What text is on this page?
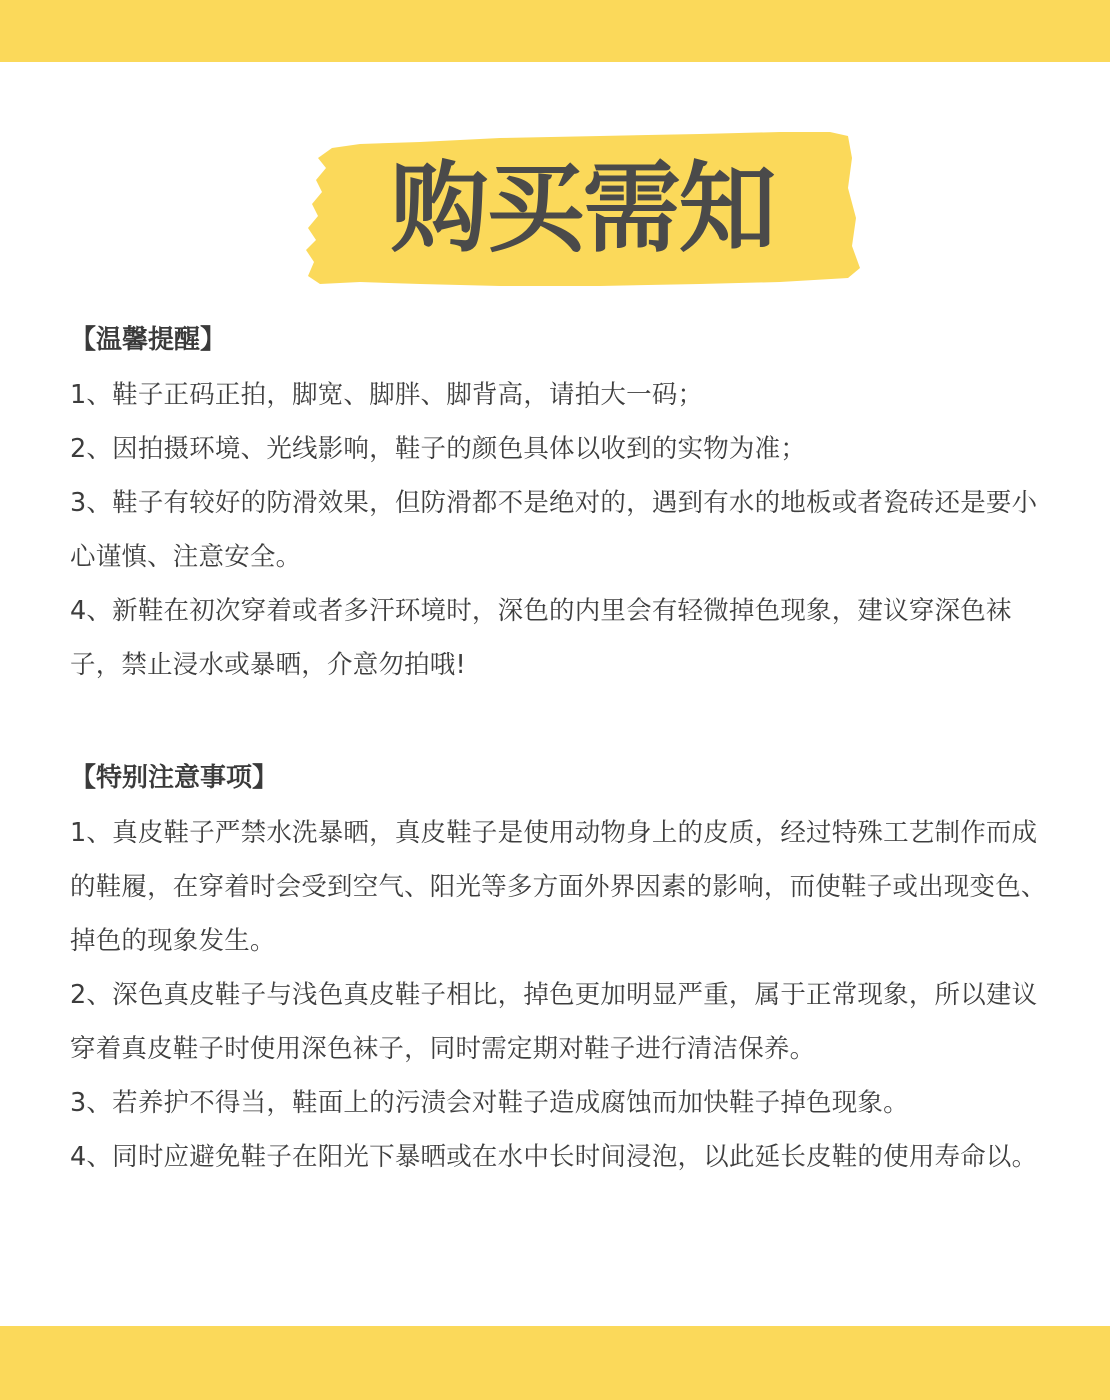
购买需知

【温馨提醒】

1、鞋子正码正拍，脚宽、脚胖、脚背高，请拍大一码；

2、因拍摄环境、光线影响，鞋子的颜色具体以收到的实物为准；

3、鞋子有较好的防滑效果，但防滑都不是绝对的，遇到有水的地板或者瓷砖还是要小心谨慎、注意安全。

4、新鞋在初次穿着或者多汗环境时，深色的内里会有轻微掉色现象，建议穿深色袜子，禁止浸水或暴晒，介意勿拍哦!

【特别注意事项】

1、真皮鞋子严禁水洗暴晒，真皮鞋子是使用动物身上的皮质，经过特殊工艺制作而成的鞋履，在穿着时会受到空气、阳光等多方面外界因素的影响，而使鞋子或出现变色、掉色的现象发生。

2、深色真皮鞋子与浅色真皮鞋子相比，掉色更加明显严重，属于正常现象，所以建议穿着真皮鞋子时使用深色袜子，同时需定期对鞋子进行清洁保养。

3、若养护不得当，鞋面上的污渍会对鞋子造成腐蚀而加快鞋子掉色现象。

4、同时应避免鞋子在阳光下暴晒或在水中长时间浸泡，以此延长皮鞋的使用寿命以。
